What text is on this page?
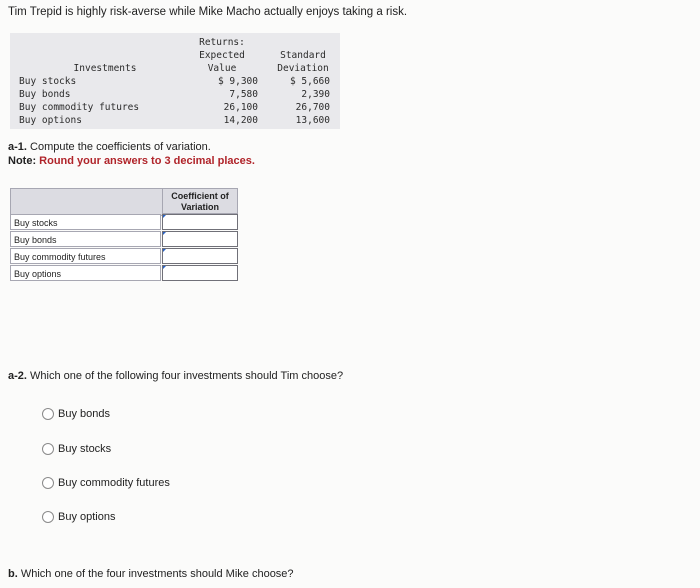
Tim Trepid is highly risk-averse while Mike Macho actually enjoys taking a risk.
Returns:
Expected
Value
Standard
Deviation
Investments
Buy stocks	$ 9,300	$ 5,660
Buy bonds	7,580	2,390
Buy commodity futures	26,100	26,700
Buy options	14,200	13,600
a-1. Compute the coefficients of variation.
Note: Round your answers to 3 decimal places.
Coefficient of
Variation
Buy stocks
Buy bonds
Buy commodity futures
Buy options
a-2. Which one of the following four investments should Tim choose?
Buy bonds
Buy stocks
Buy commodity futures
Buy options
b. Which one of the four investments should Mike choose?
